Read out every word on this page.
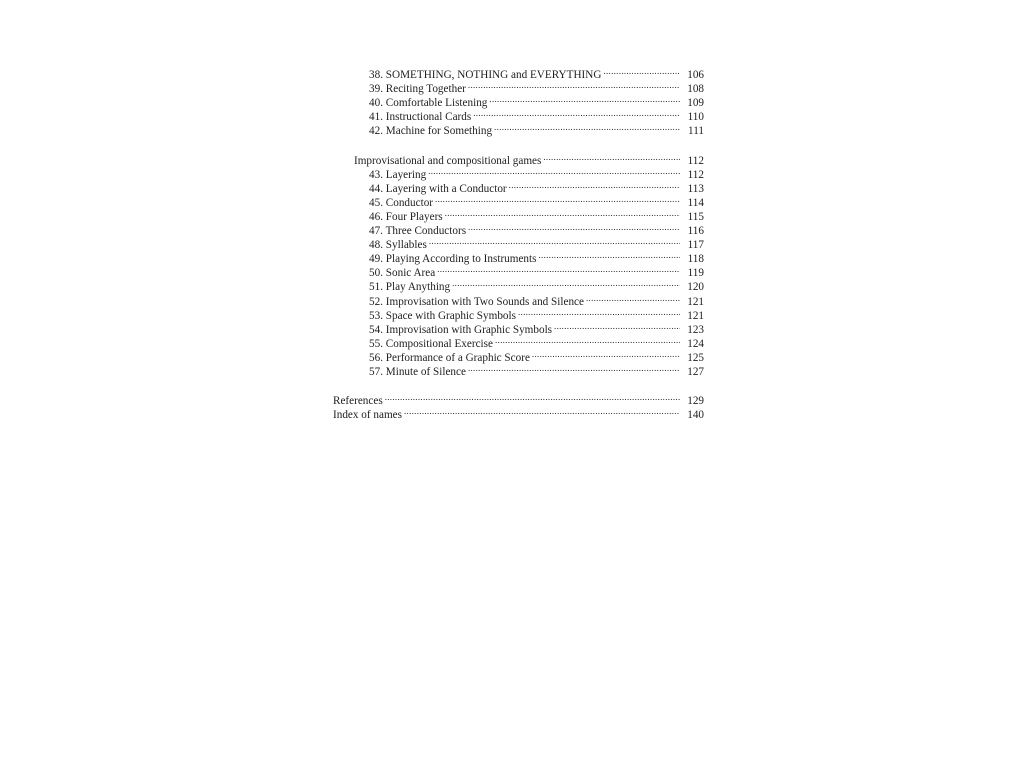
38. SOMETHING, NOTHING and EVERYTHING .....	106
39. Reciting Together .....	108
40. Comfortable Listening .....	109
41. Instructional Cards .....	110
42. Machine for Something .....	111
Improvisational and compositional games .....	112
43. Layering .....	112
44. Layering with a Conductor .....	113
45. Conductor .....	114
46. Four Players .....	115
47. Three Conductors .....	116
48. Syllables .....	117
49. Playing According to Instruments .....	118
50. Sonic Area .....	119
51. Play Anything .....	120
52. Improvisation with Two Sounds and Silence .....	121
53. Space with Graphic Symbols .....	121
54. Improvisation with Graphic Symbols .....	123
55. Compositional Exercise .....	124
56. Performance of a Graphic Score .....	125
57. Minute of Silence .....	127
References .....	129
Index of names .....	140
